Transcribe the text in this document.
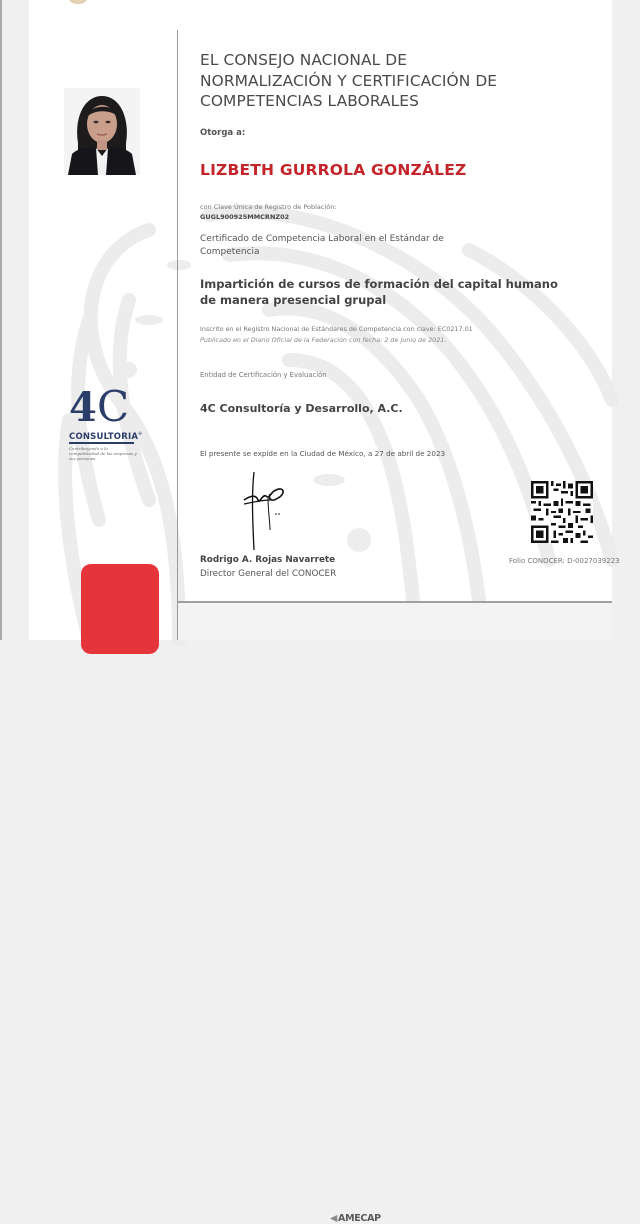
4 C
CONSULTORIA®
Contribuyendo a la competitividad de las empresas y sus personas
EL CONSEJO NACIONAL DE NORMALIZACIÓN Y CERTIFICACIÓN DE COMPETENCIAS LABORALES
Otorga a:
LIZBETH GURROLA GONZÁLEZ
con Clave Única de Registro de Población:
GUGL900925MMCRNZ02
Certificado de Competencia Laboral en el Estándar de Competencia
Impartición de cursos de formación del capital humano de manera presencial grupal
Inscrito en el Registro Nacional de Estándares de Competencia con clave: EC0217.01
Publicado en el Diario Oficial de la Federación con fecha: 2 de junio de 2021.
Entidad de Certificación y Evaluación
4C Consultoría y Desarrollo, A.C.
El presente se expide en la Ciudad de México, a 27 de abril de 2023
Rodrigo A. Rojas Navarrete
Director General del CONOCER
Folio CONOCER: D-0027039223
◀AMECAP
